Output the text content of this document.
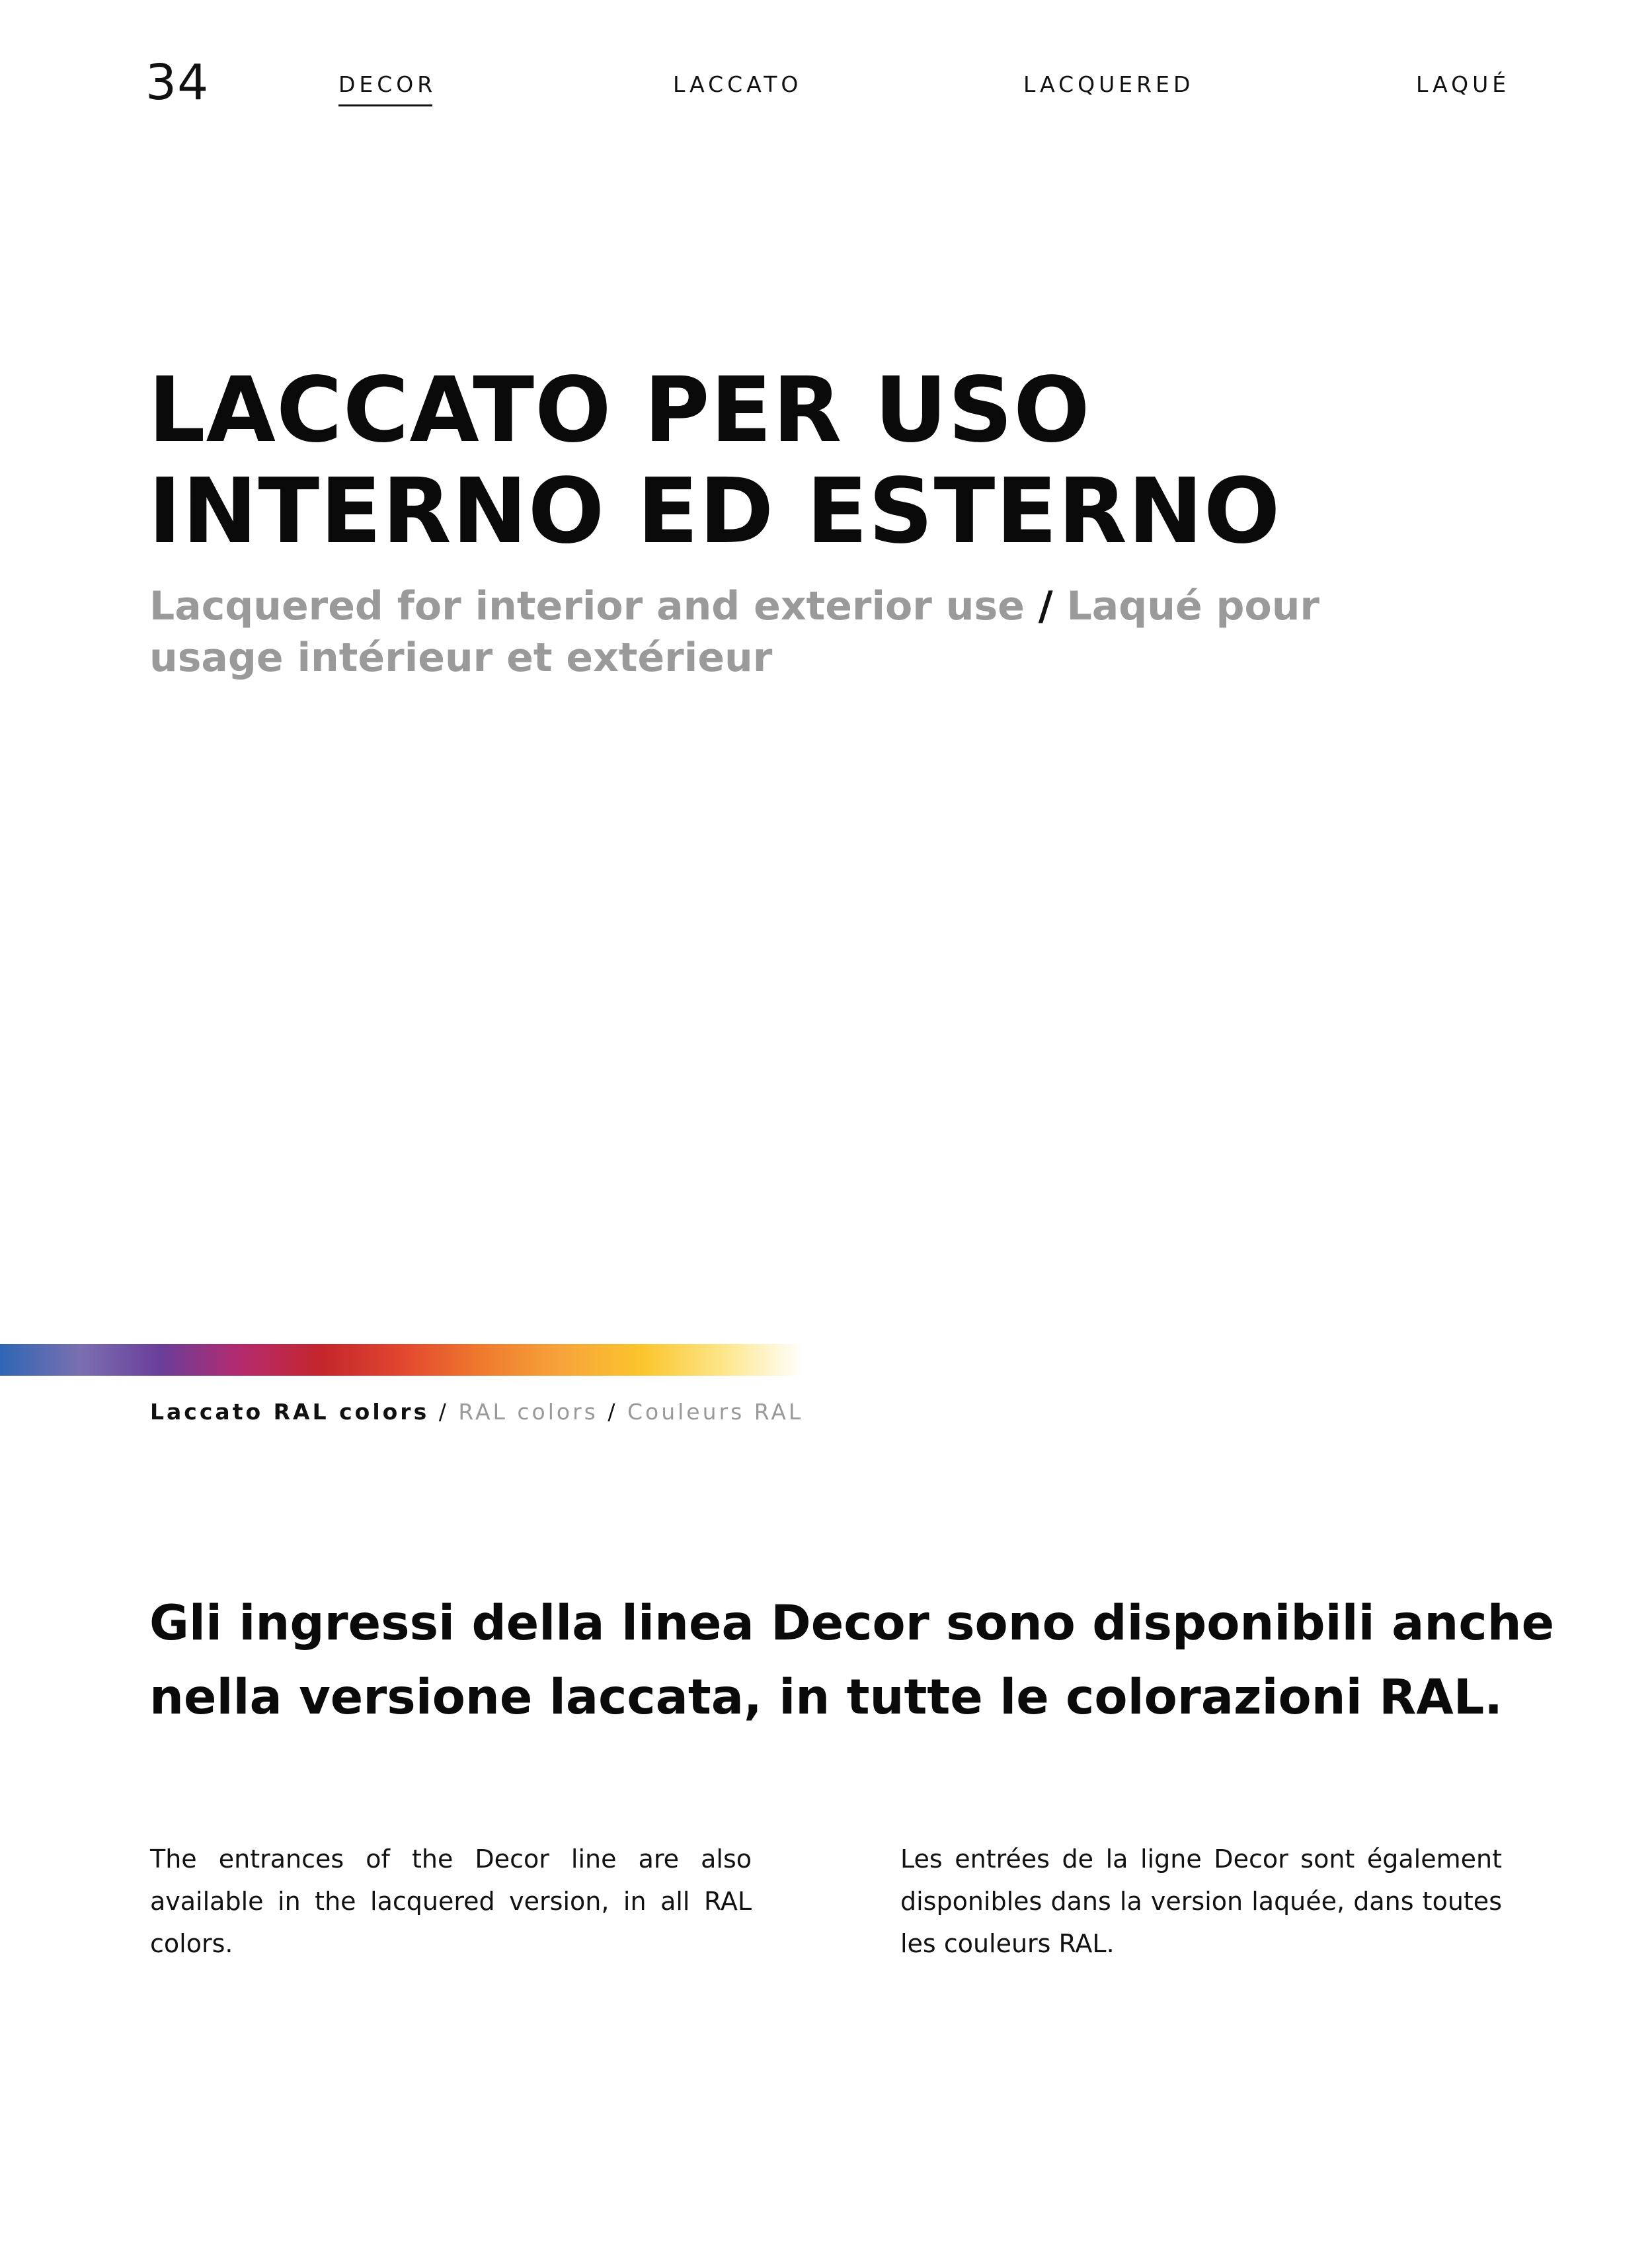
34	DECOR	LACCATO	LACQUERED	LAQUÉ
LACCATO PER USO
INTERNO ED ESTERNO

Lacquered for interior and exterior use / Laqué pour usage intérieur et extérieur

Laccato RAL colors / RAL colors / Couleurs RAL
Gli ingressi della linea Decor sono disponibili anche
nella versione laccata, in tutte le colorazioni RAL.

The entrances of the Decor line are also available in the lacquered version, in all RAL colors.

Les entrées de la ligne Decor sont également disponibles dans la version laquée, dans toutes les couleurs RAL.
